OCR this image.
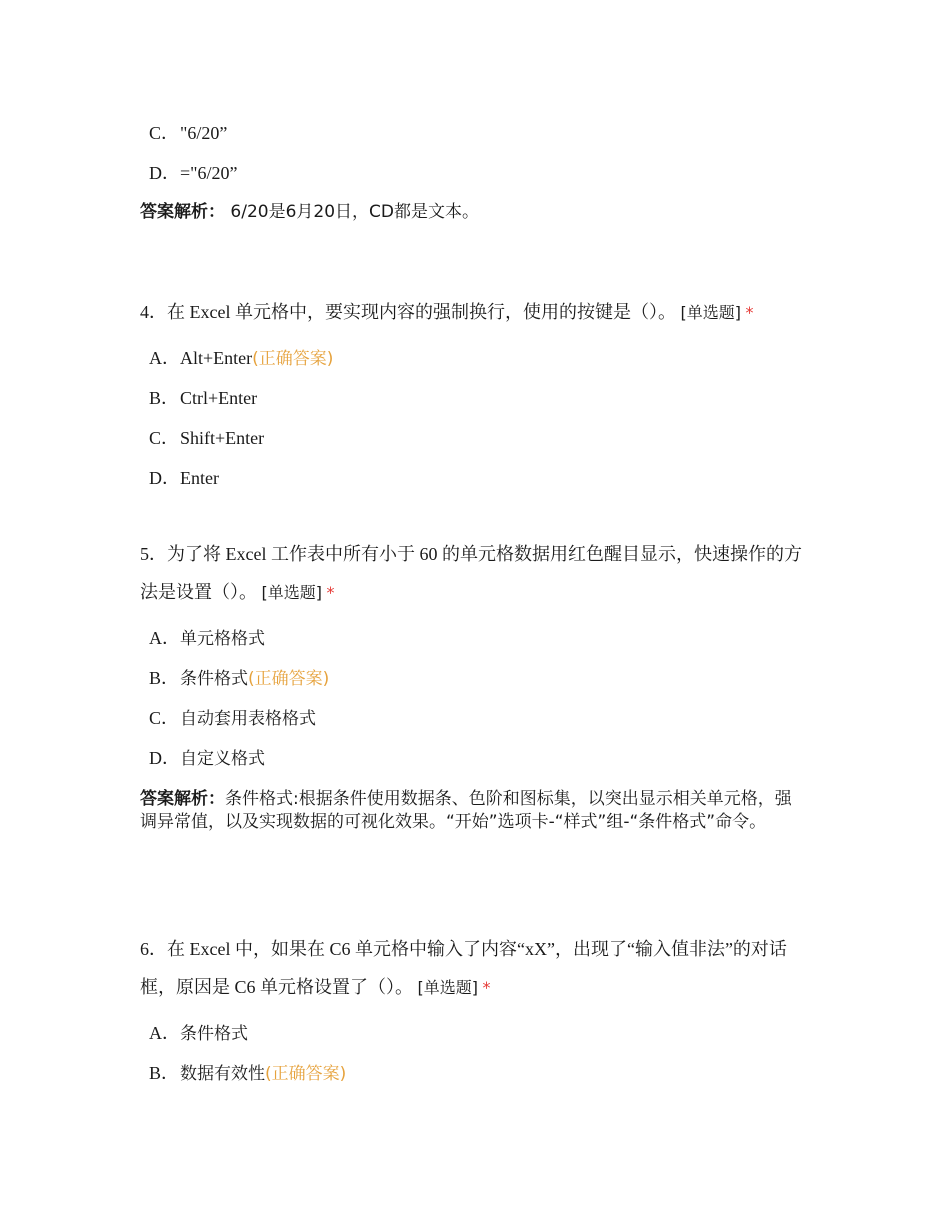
C．"6/20”
D．="6/20”
答案解析： 6/20是6月20日，CD都是文本。
4．在 Excel 单元格中，要实现内容的强制换行，使用的按键是（）。 [单选题] *
A．Alt+Enter(正确答案)
B．Ctrl+Enter
C．Shift+Enter
D．Enter
5．为了将 Excel 工作表中所有小于 60 的单元格数据用红色醒目显示，快速操作的方法是设置（）。 [单选题] *
A．单元格格式
B．条件格式(正确答案)
C．自动套用表格格式
D．自定义格式
答案解析：条件格式:根据条件使用数据条、色阶和图标集，以突出显示相关单元格，强调异常值，以及实现数据的可视化效果。“开始”选项卡-“样式”组-“条件格式”命令。
6．在 Excel 中，如果在 C6 单元格中输入了内容“xX”，出现了“输入值非法”的对话框，原因是 C6 单元格设置了（）。 [单选题] *
A．条件格式
B．数据有效性(正确答案)
